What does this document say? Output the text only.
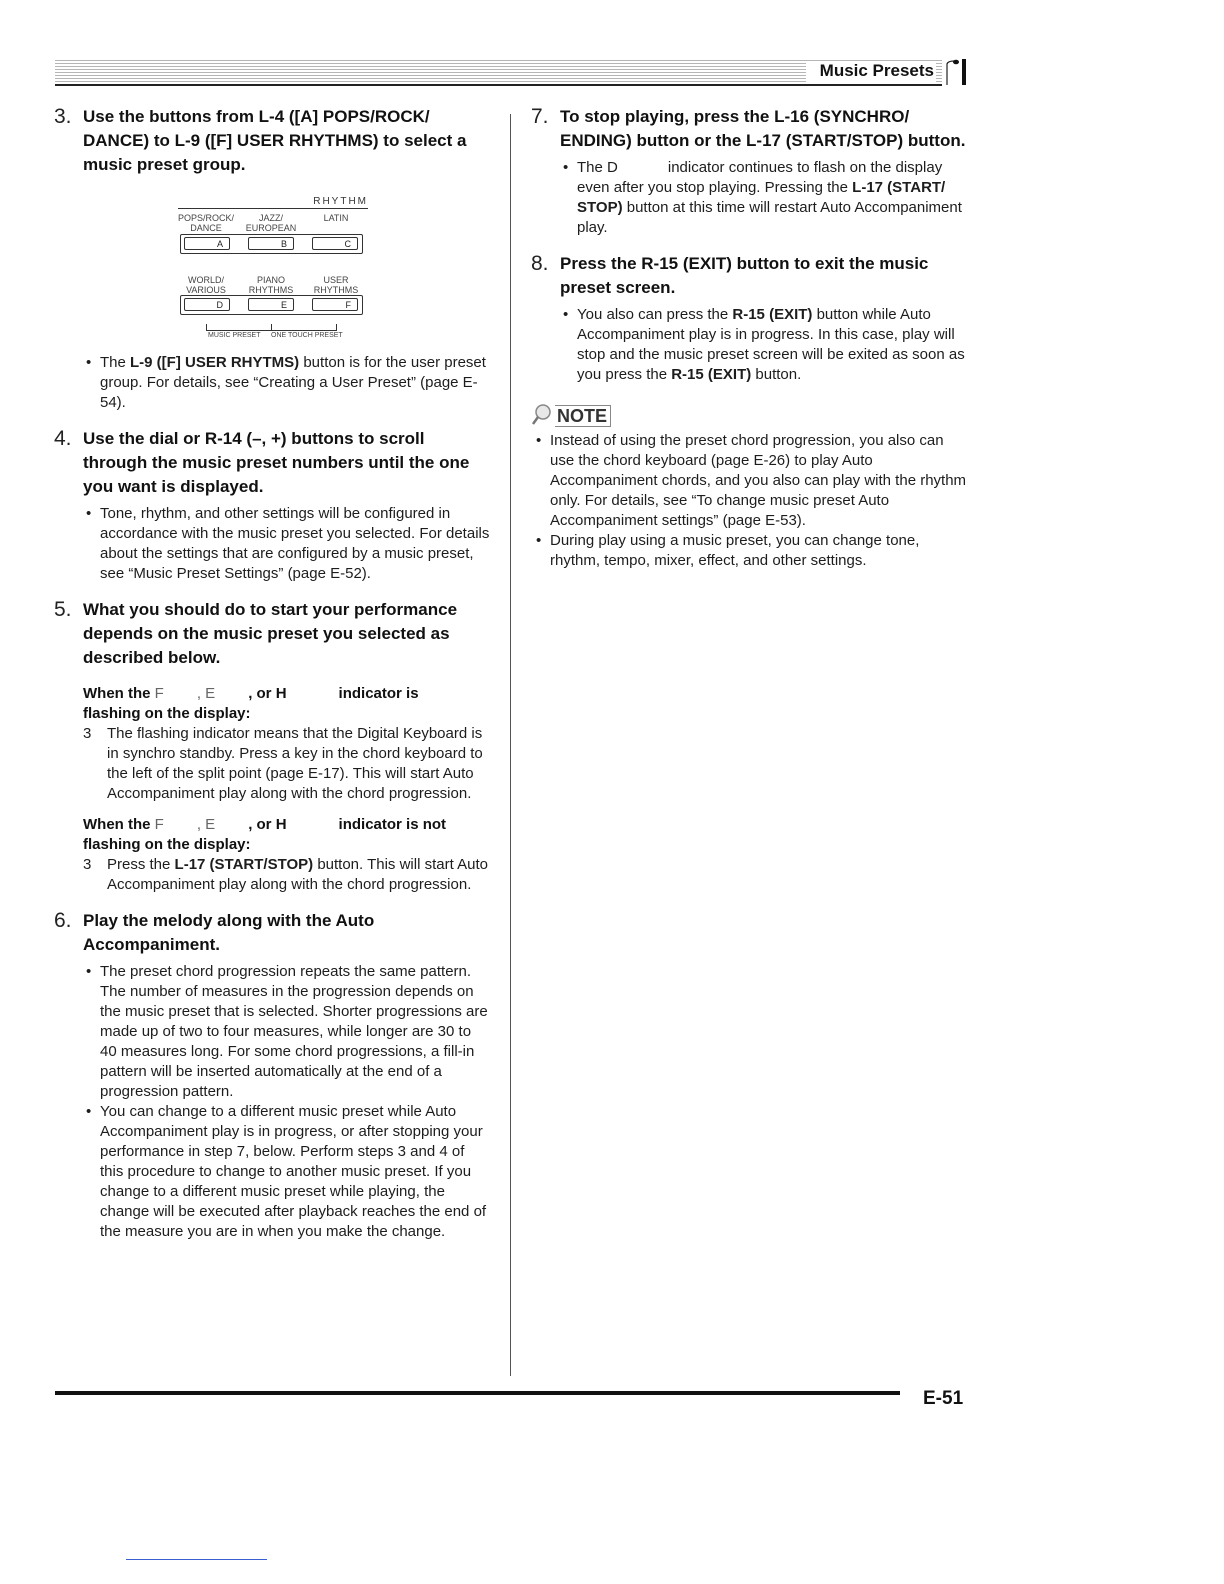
Music Presets
3. Use the buttons from L-4 ([A] POPS/ROCK/ DANCE) to L-9 ([F] USER RHYTHMS) to select a music preset group.
RHYTHM
POPS/ROCK/
DANCE
JAZZ/
EUROPEAN
LATIN
A	B	C
WORLD/
VARIOUS
PIANO
RHYTHMS
USER
RHYTHMS
D	E	F
MUSIC PRESET ONE TOUCH PRESET
• The L-9 ([F] USER RHYTMS) button is for the user preset group. For details, see “Creating a User Preset” (page E-54).
4. Use the dial or R-14 (–, +) buttons to scroll through the music preset numbers until the one you want is displayed.
• Tone, rhythm, and other settings will be configured in accordance with the music preset you selected. For details about the settings that are configured by a music preset, see “Music Preset Settings” (page E-52).
5. What you should do to start your performance depends on the music preset you selected as described below.
When the F , E , or H	indicator is
flashing on the display:
3	The flashing indicator means that the Digital Keyboard is in synchro standby. Press a key in the chord keyboard to the left of the split point (page E-17). This will start Auto Accompaniment play along with the chord progression.
When the F , E , or H	indicator is not
flashing on the display:
3	Press the L-17 (START/STOP) button. This will start Auto Accompaniment play along with the chord progression.
6. Play the melody along with the Auto Accompaniment.
• The preset chord progression repeats the same pattern. The number of measures in the progression depends on the music preset that is selected. Shorter progressions are made up of two to four measures, while longer are 30 to 40 measures long. For some chord progressions, a fill-in pattern will be inserted automatically at the end of a progression pattern.
• You can change to a different music preset while Auto Accompaniment play is in progress, or after stopping your performance in step 7, below. Perform steps 3 and 4 of this procedure to change to another music preset. If you change to a different music preset while playing, the change will be executed after playback reaches the end of the measure you are in when you make the change.
7. To stop playing, press the L-16 (SYNCHRO/ ENDING) button or the L-17 (START/STOP) button.
• The D	indicator continues to flash on the display even after you stop playing. Pressing the L-17 (START/ STOP) button at this time will restart Auto Accompaniment play.
8. Press the R-15 (EXIT) button to exit the music preset screen.
• You also can press the R-15 (EXIT) button while Auto Accompaniment play is in progress. In this case, play will stop and the music preset screen will be exited as soon as you press the R-15 (EXIT) button.
NOTE
• Instead of using the preset chord progression, you also can use the chord keyboard (page E-26) to play Auto Accompaniment chords, and you also can play with the rhythm only. For details, see “To change music preset Auto Accompaniment settings” (page E-53).
• During play using a music preset, you can change tone, rhythm, tempo, mixer, effect, and other settings.
E-51
